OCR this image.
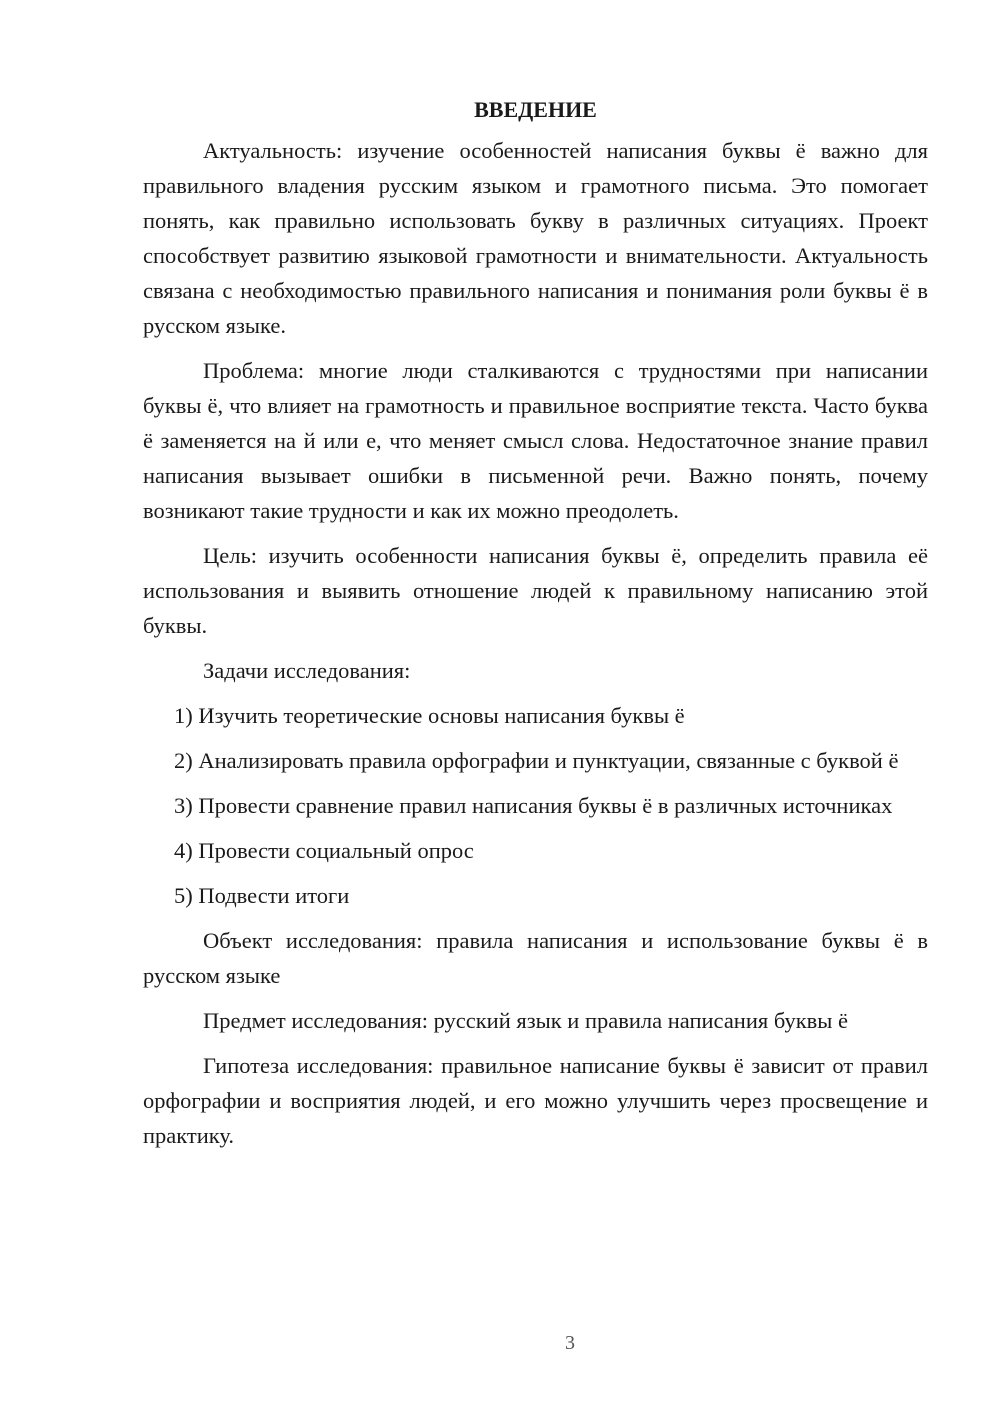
ВВЕДЕНИЕ

Актуальность: изучение особенностей написания буквы ё важно для правильного владения русским языком и грамотного письма. Это помогает понять, как правильно использовать букву в различных ситуациях. Проект способствует развитию языковой грамотности и внимательности. Актуальность связана с необходимостью правильного написания и понимания роли буквы ё в русском языке.

Проблема: многие люди сталкиваются с трудностями при написании буквы ё, что влияет на грамотность и правильное восприятие текста. Часто буква ё заменяется на й или е, что меняет смысл слова. Недостаточное знание правил написания вызывает ошибки в письменной речи. Важно понять, почему возникают такие трудности и как их можно преодолеть.

Цель: изучить особенности написания буквы ё, определить правила её использования и выявить отношение людей к правильному написанию этой буквы.

Задачи исследования:

1) Изучить теоретические основы написания буквы ё

2) Анализировать правила орфографии и пунктуации, связанные с буквой ё

3) Провести сравнение правил написания буквы ё в различных источниках

4) Провести социальный опрос

5) Подвести итоги

Объект исследования: правила написания и использование буквы ё в русском языке

Предмет исследования: русский язык и правила написания буквы ё

Гипотеза исследования: правильное написание буквы ё зависит от правил орфографии и восприятия людей, и его можно улучшить через просвещение и практику.

3
